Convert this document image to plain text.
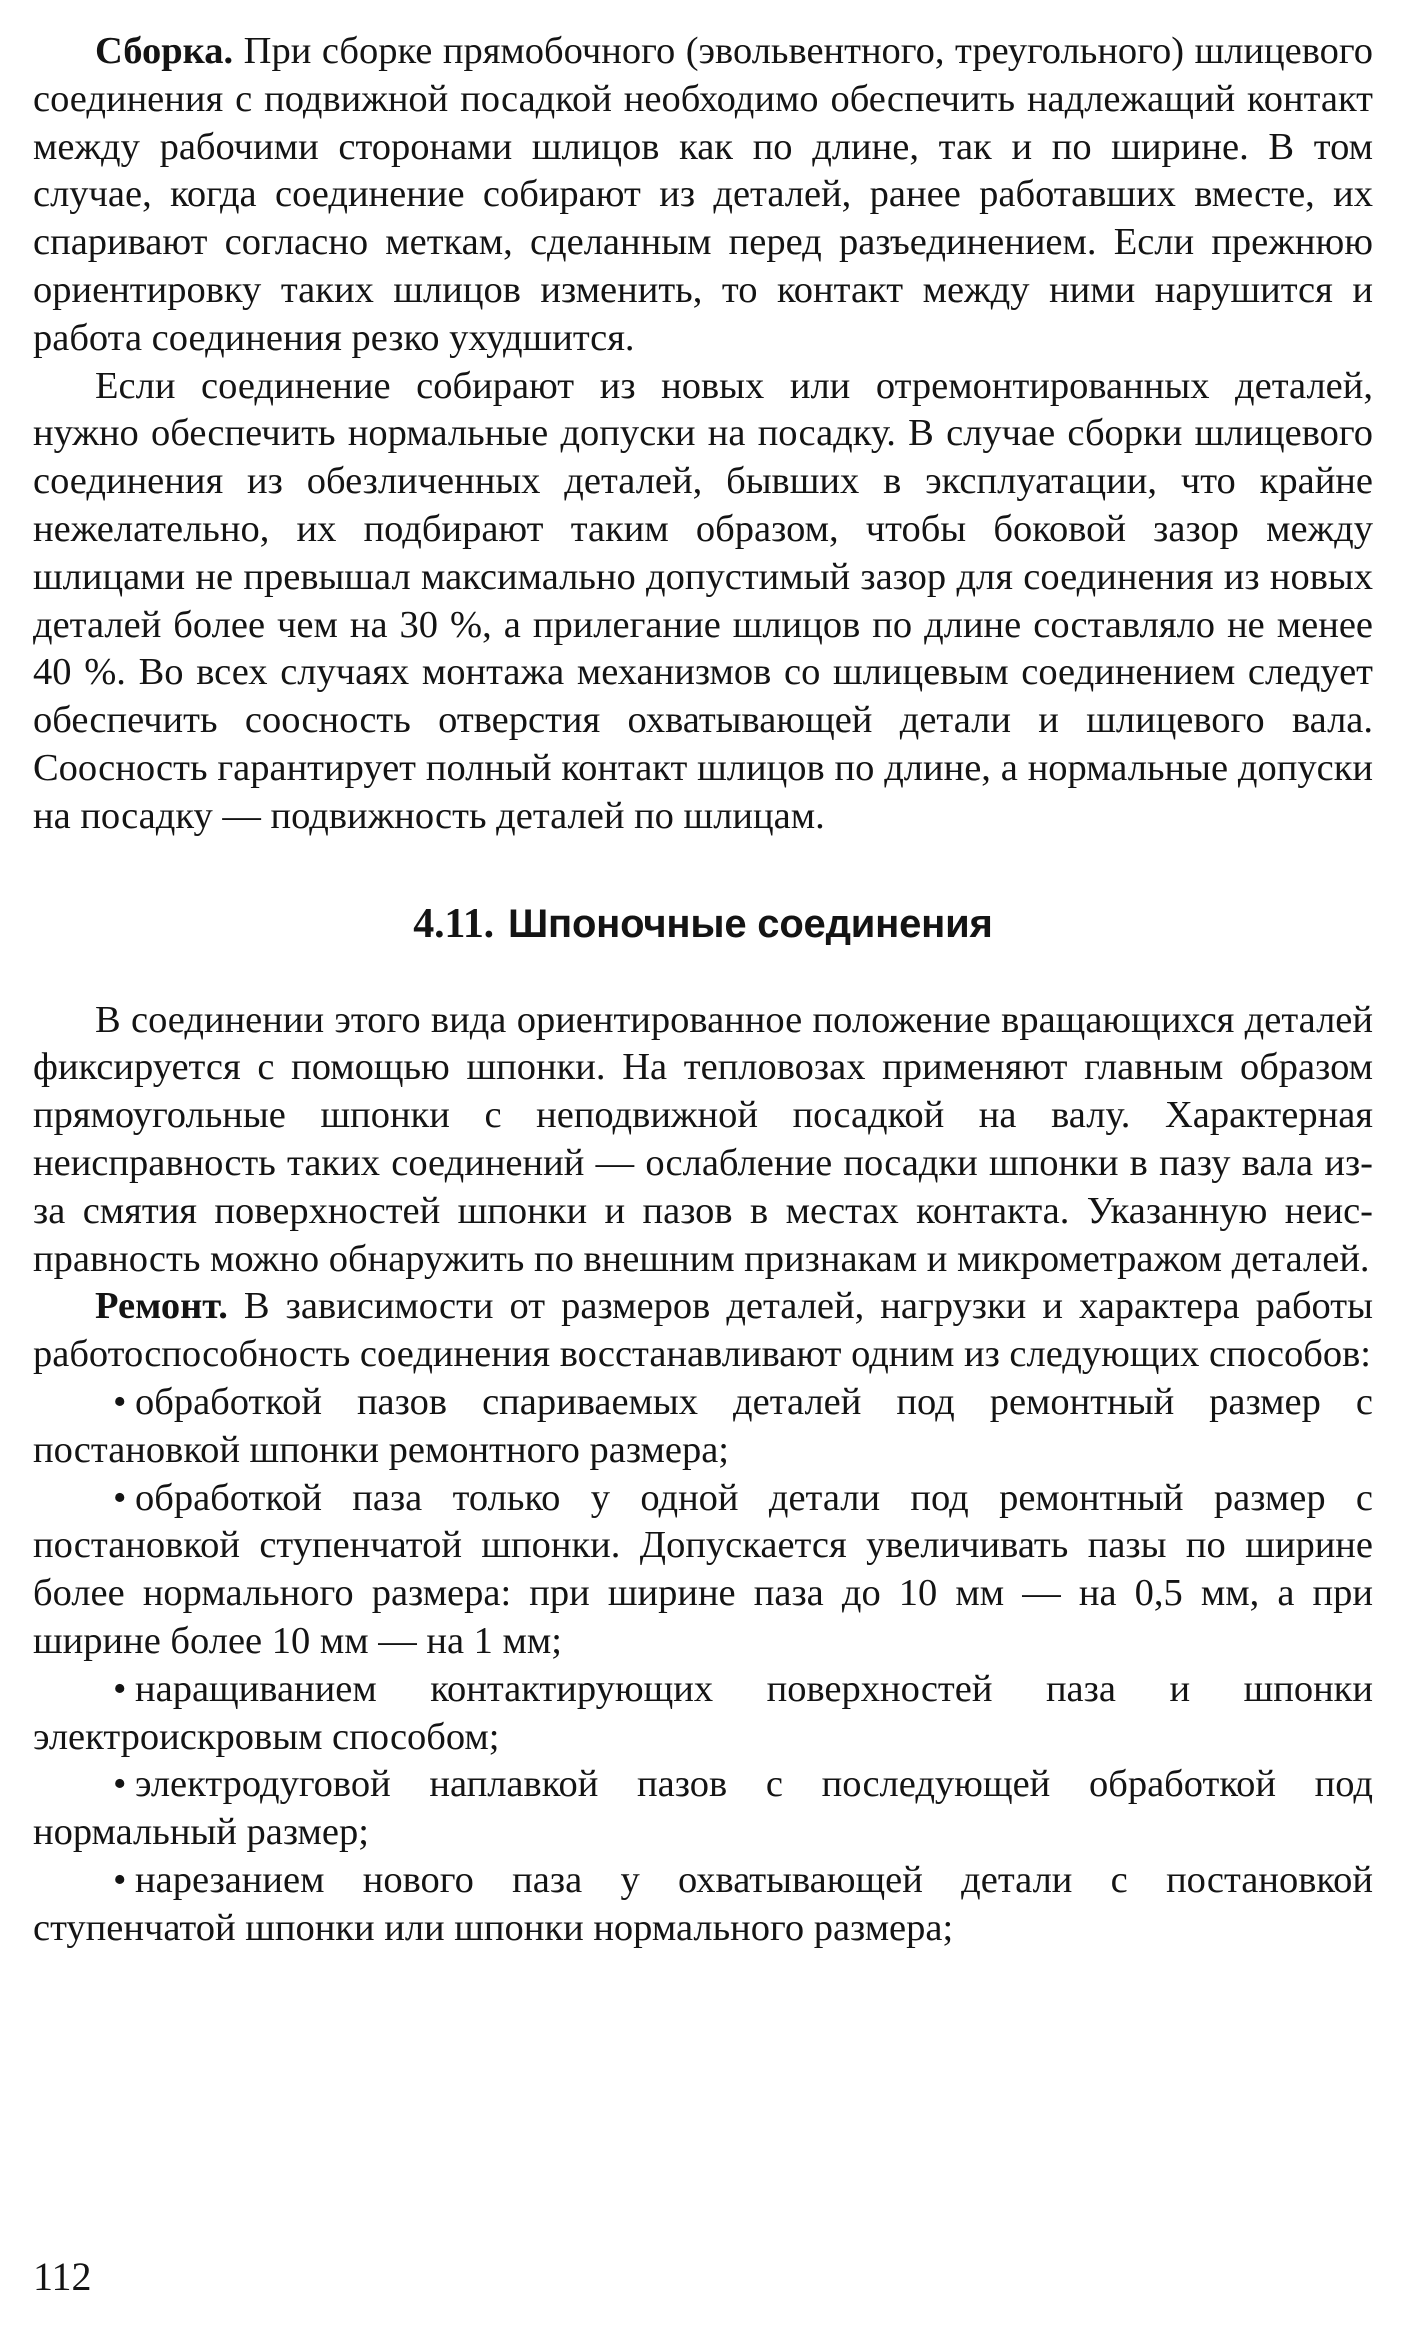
Сборка. При сборке прямобочного (эвольвентного, треугольного) шлицевого соединения с подвижной посадкой необходимо обеспечить надлежащий контакт между рабочими сторонами шлицов как по длине, так и по ширине. В том случае, когда соединение собирают из деталей, ранее работавших вместе, их спаривают согласно меткам, сделанным перед разъединением. Если прежнюю ориентировку таких шлицов изменить, то контакт между ними нарушится и работа соединения резко ухудшится.

Если соединение собирают из новых или отремонтированных деталей, нужно обеспечить нормальные допуски на посадку. В случае сборки шлицевого соединения из обезличенных деталей, бывших в эксплуатации, что крайне нежелательно, их подбирают таким образом, чтобы боковой зазор между шлицами не превышал максимально допустимый зазор для соединения из новых деталей более чем на 30 %, а прилегание шлицов по длине составляло не менее 40 %. Во всех случаях монтажа механизмов со шлицевым соединением следует обеспечить соосность отверстия охватывающей детали и шлицевого вала. Соосность гарантирует полный контакт шлицов по длине, а нормальные допуски на посадку — подвижность деталей по шлицам.

4.11. Шпоночные соединения

В соединении этого вида ориентированное положение вращающихся деталей фиксируется с помощью шпонки. На тепловозах применяют главным образом прямоугольные шпонки с неподвижной посадкой на валу. Характерная неисправность таких соединений — ослабление посадки шпонки в пазу вала из-за смятия поверхностей шпонки и пазов в местах контакта. Указанную неисправность можно обнаружить по внешним признакам и микрометражом деталей.

Ремонт. В зависимости от размеров деталей, нагрузки и характера работы работоспособность соединения восстанавливают одним из следующих способов:

• обработкой пазов спариваемых деталей под ремонтный размер с постановкой шпонки ремонтного размера;

• обработкой паза только у одной детали под ремонтный размер с постановкой ступенчатой шпонки. Допускается увеличивать пазы по ширине более нормального размера: при ширине паза до 10 мм — на 0,5 мм, а при ширине более 10 мм — на 1 мм;

• наращиванием контактирующих поверхностей паза и шпонки электроискровым способом;

• электродуговой наплавкой пазов с последующей обработкой под нормальный размер;

• нарезанием нового паза у охватывающей детали с постановкой ступенчатой шпонки или шпонки нормального размера;

112
